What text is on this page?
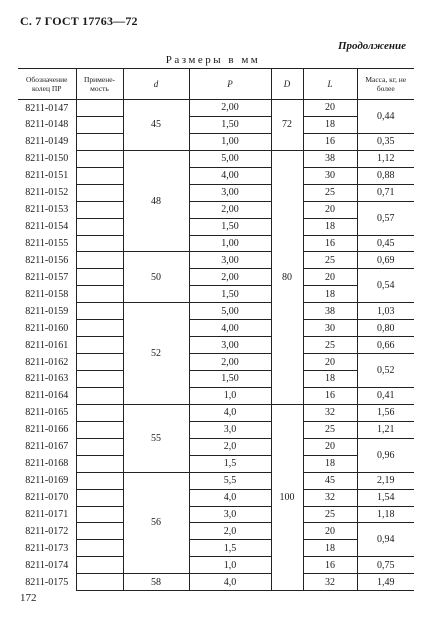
С. 7 ГОСТ 17763—72
Продолжение
Размеры в мм
Обозначение колец ПР	Примене- мость	d	P	D	L	Масса, кг, не более
8211-0147		45	2,00	72	20	0,44
8211-0148			1,50		18	
8211-0149			1,00		16	0,35
8211-0150		48	5,00	80	38	1,12
8211-0151			4,00		30	0,88
8211-0152			3,00		25	0,71
8211-0153			2,00		20	0,57
8211-0154			1,50		18	
8211-0155			1,00		16	0,45
8211-0156		50	3,00		25	0,69
8211-0157			2,00		20	0,54
8211-0158			1,50		18	
8211-0159		52	5,00		38	1,03
8211-0160			4,00		30	0,80
8211-0161			3,00		25	0,66
8211-0162			2,00		20	0,52
8211-0163			1,50		18	
8211-0164			1,0		16	0,41
8211-0165		55	4,0	100	32	1,56
8211-0166			3,0		25	1,21
8211-0167			2,0		20	0,96
8211-0168			1,5		18	
8211-0169		56	5,5		45	2,19
8211-0170			4,0		32	1,54
8211-0171			3,0		25	1,18
8211-0172			2,0		20	0,94
8211-0173			1,5		18	
8211-0174			1,0		16	0,75
8211-0175		58	4,0		32	1,49
172
